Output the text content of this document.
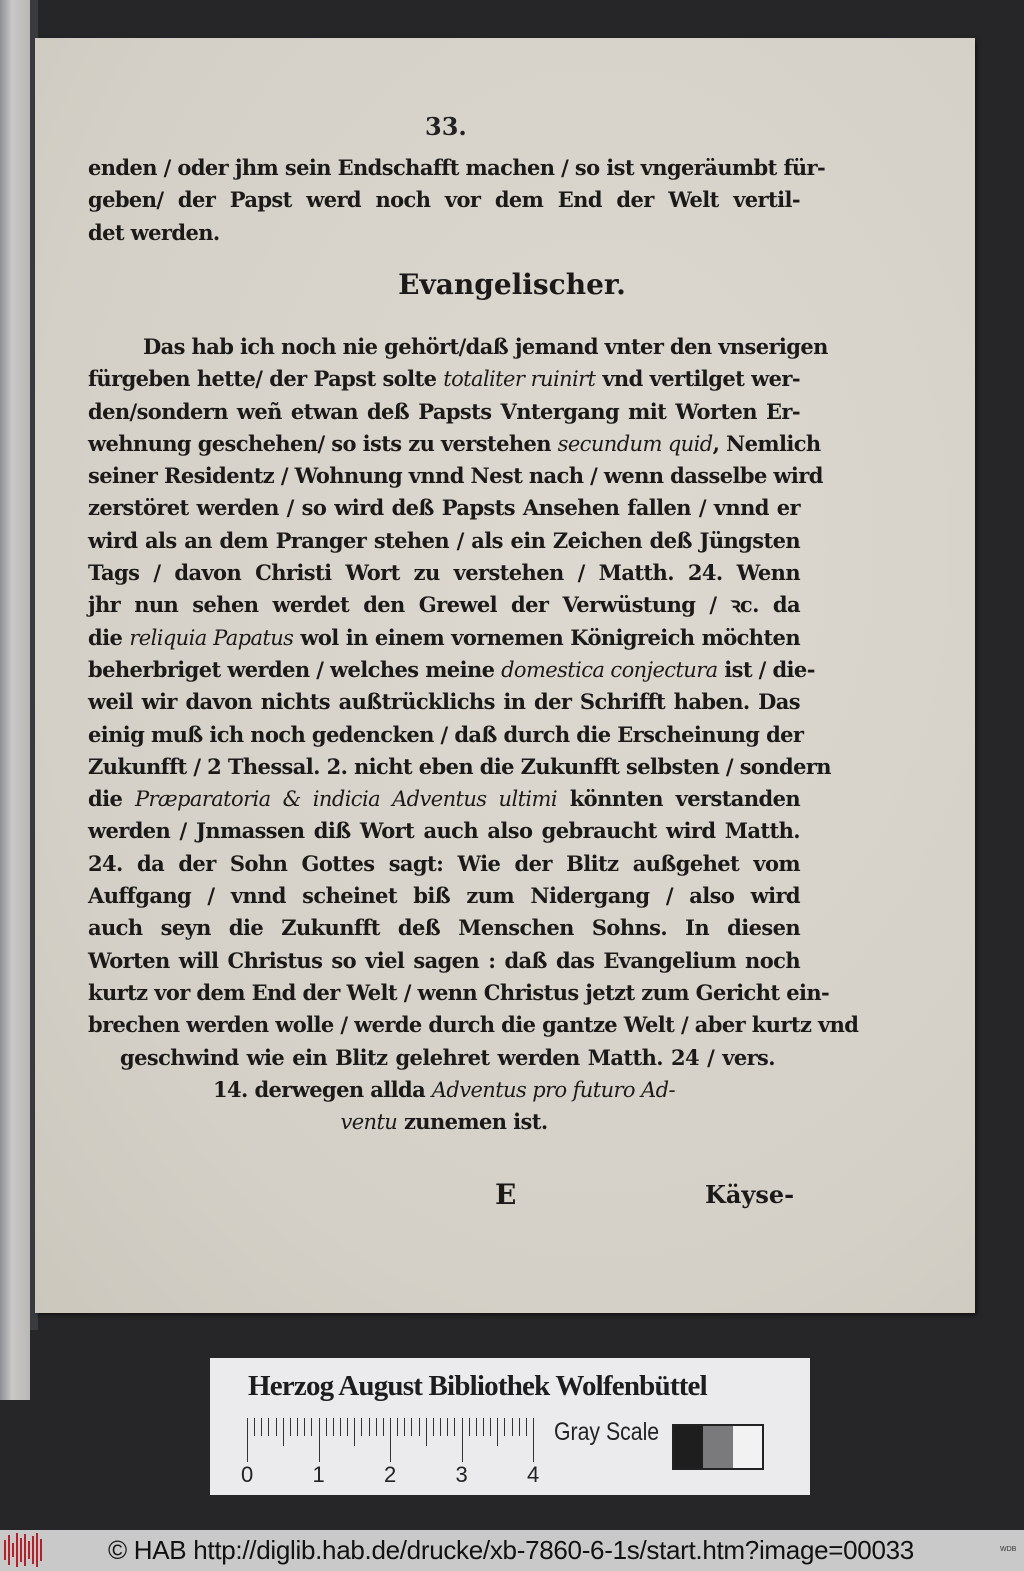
33.
enden / oder jhm sein Endschafft machen / so ist vngeräumbt für-
geben/ der Papst werd noch vor dem End der Welt vertil-
det werden.
Evangelischer.
Das hab ich noch nie gehört/daß jemand vnter den vnserigen
fürgeben hette/ der Papst solte totaliter ruinirt vnd vertilget wer-
den/sondern weñ etwan deß Papsts Vntergang mit Worten Er-
wehnung geschehen/ so ists zu verstehen secundum quid, Nemlich
seiner Residentz / Wohnung vnnd Nest nach / wenn dasselbe wird
zerstöret werden / so wird deß Papsts Ansehen fallen / vnnd er
wird als an dem Pranger stehen / als ein Zeichen deß Jüngsten
Tags / davon Christi Wort zu verstehen / Matth. 24. Wenn
jhr nun sehen werdet den Grewel der Verwüstung / ꝛc. da
die reliquia Papatus wol in einem vornemen Königreich möchten
beherbriget werden / welches meine domestica conjectura ist / die-
weil wir davon nichts außtrücklichs in der Schrifft haben. Das
einig muß ich noch gedencken / daß durch die Erscheinung der
Zukunfft / 2 Thessal. 2. nicht eben die Zukunfft selbsten / sondern
die Præparatoria & indicia Adventus ultimi könnten verstanden
werden / Jnmassen diß Wort auch also gebraucht wird Matth.
24. da der Sohn Gottes sagt: Wie der Blitz außgehet vom
Auffgang / vnnd scheinet biß zum Nidergang / also wird
auch seyn die Zukunfft deß Menschen Sohns. In diesen
Worten will Christus so viel sagen : daß das Evangelium noch
kurtz vor dem End der Welt / wenn Christus jetzt zum Gericht ein-
brechen werden wolle / werde durch die gantze Welt / aber kurtz vnd
geschwind wie ein Blitz gelehret werden Matth. 24 / vers.
14. derwegen allda Adventus pro futuro Ad-
ventu zunemen ist.
E	Käyse-
Herzog August Bibliothek Wolfenbüttel
0	1	2	3	4
Gray Scale
© HAB http://diglib.hab.de/drucke/xb-7860-6-1s/start.htm?image=00033	WDB
